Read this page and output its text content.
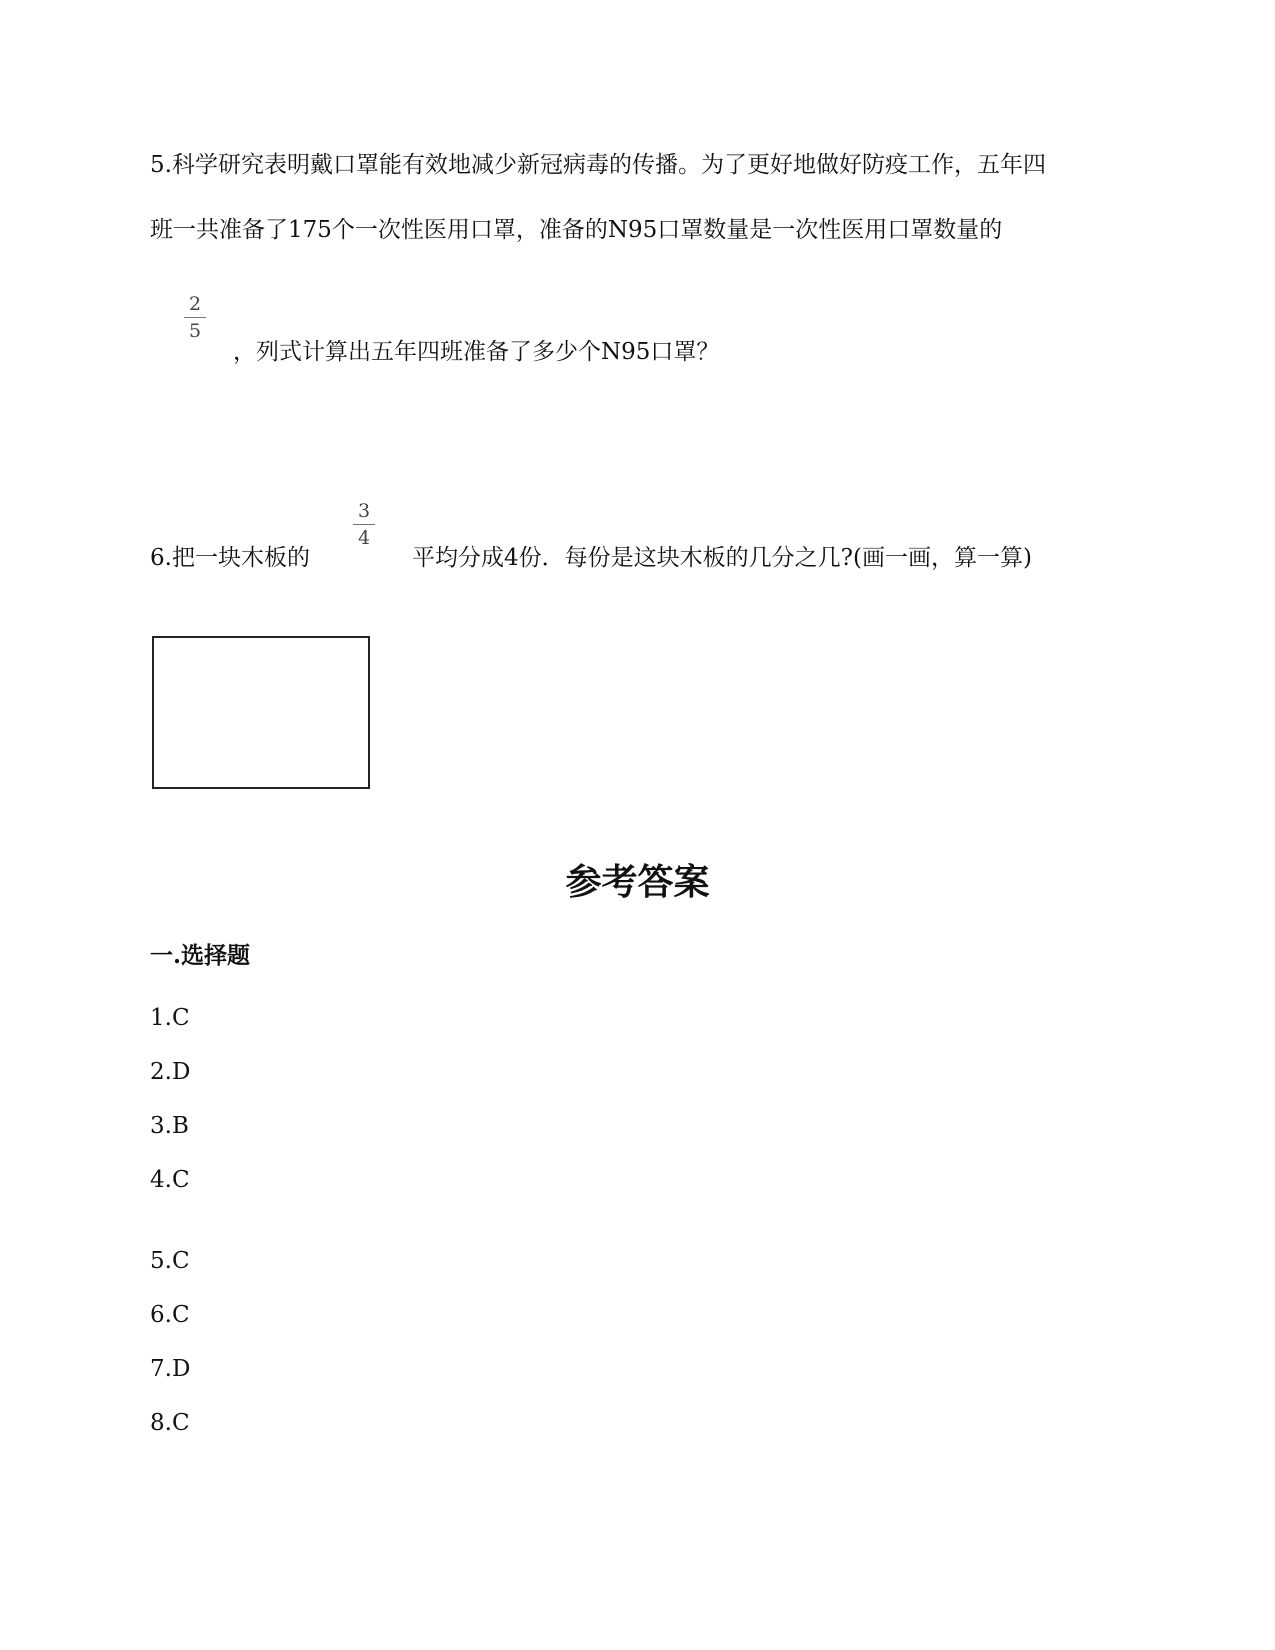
5.科学研究表明戴口罩能有效地减少新冠病毒的传播。为了更好地做好防疫工作，五年四
班一共准备了175个一次性医用口罩，准备的N95口罩数量是一次性医用口罩数量的
2
5
，列式计算出五年四班准备了多少个N95口罩？
6.把一块木板的
3
4
平均分成4份．每份是这块木板的几分之几?(画一画，算一算)
参考答案
一.选择题
1.C
2.D
3.B
4.C
5.C
6.C
7.D
8.C
